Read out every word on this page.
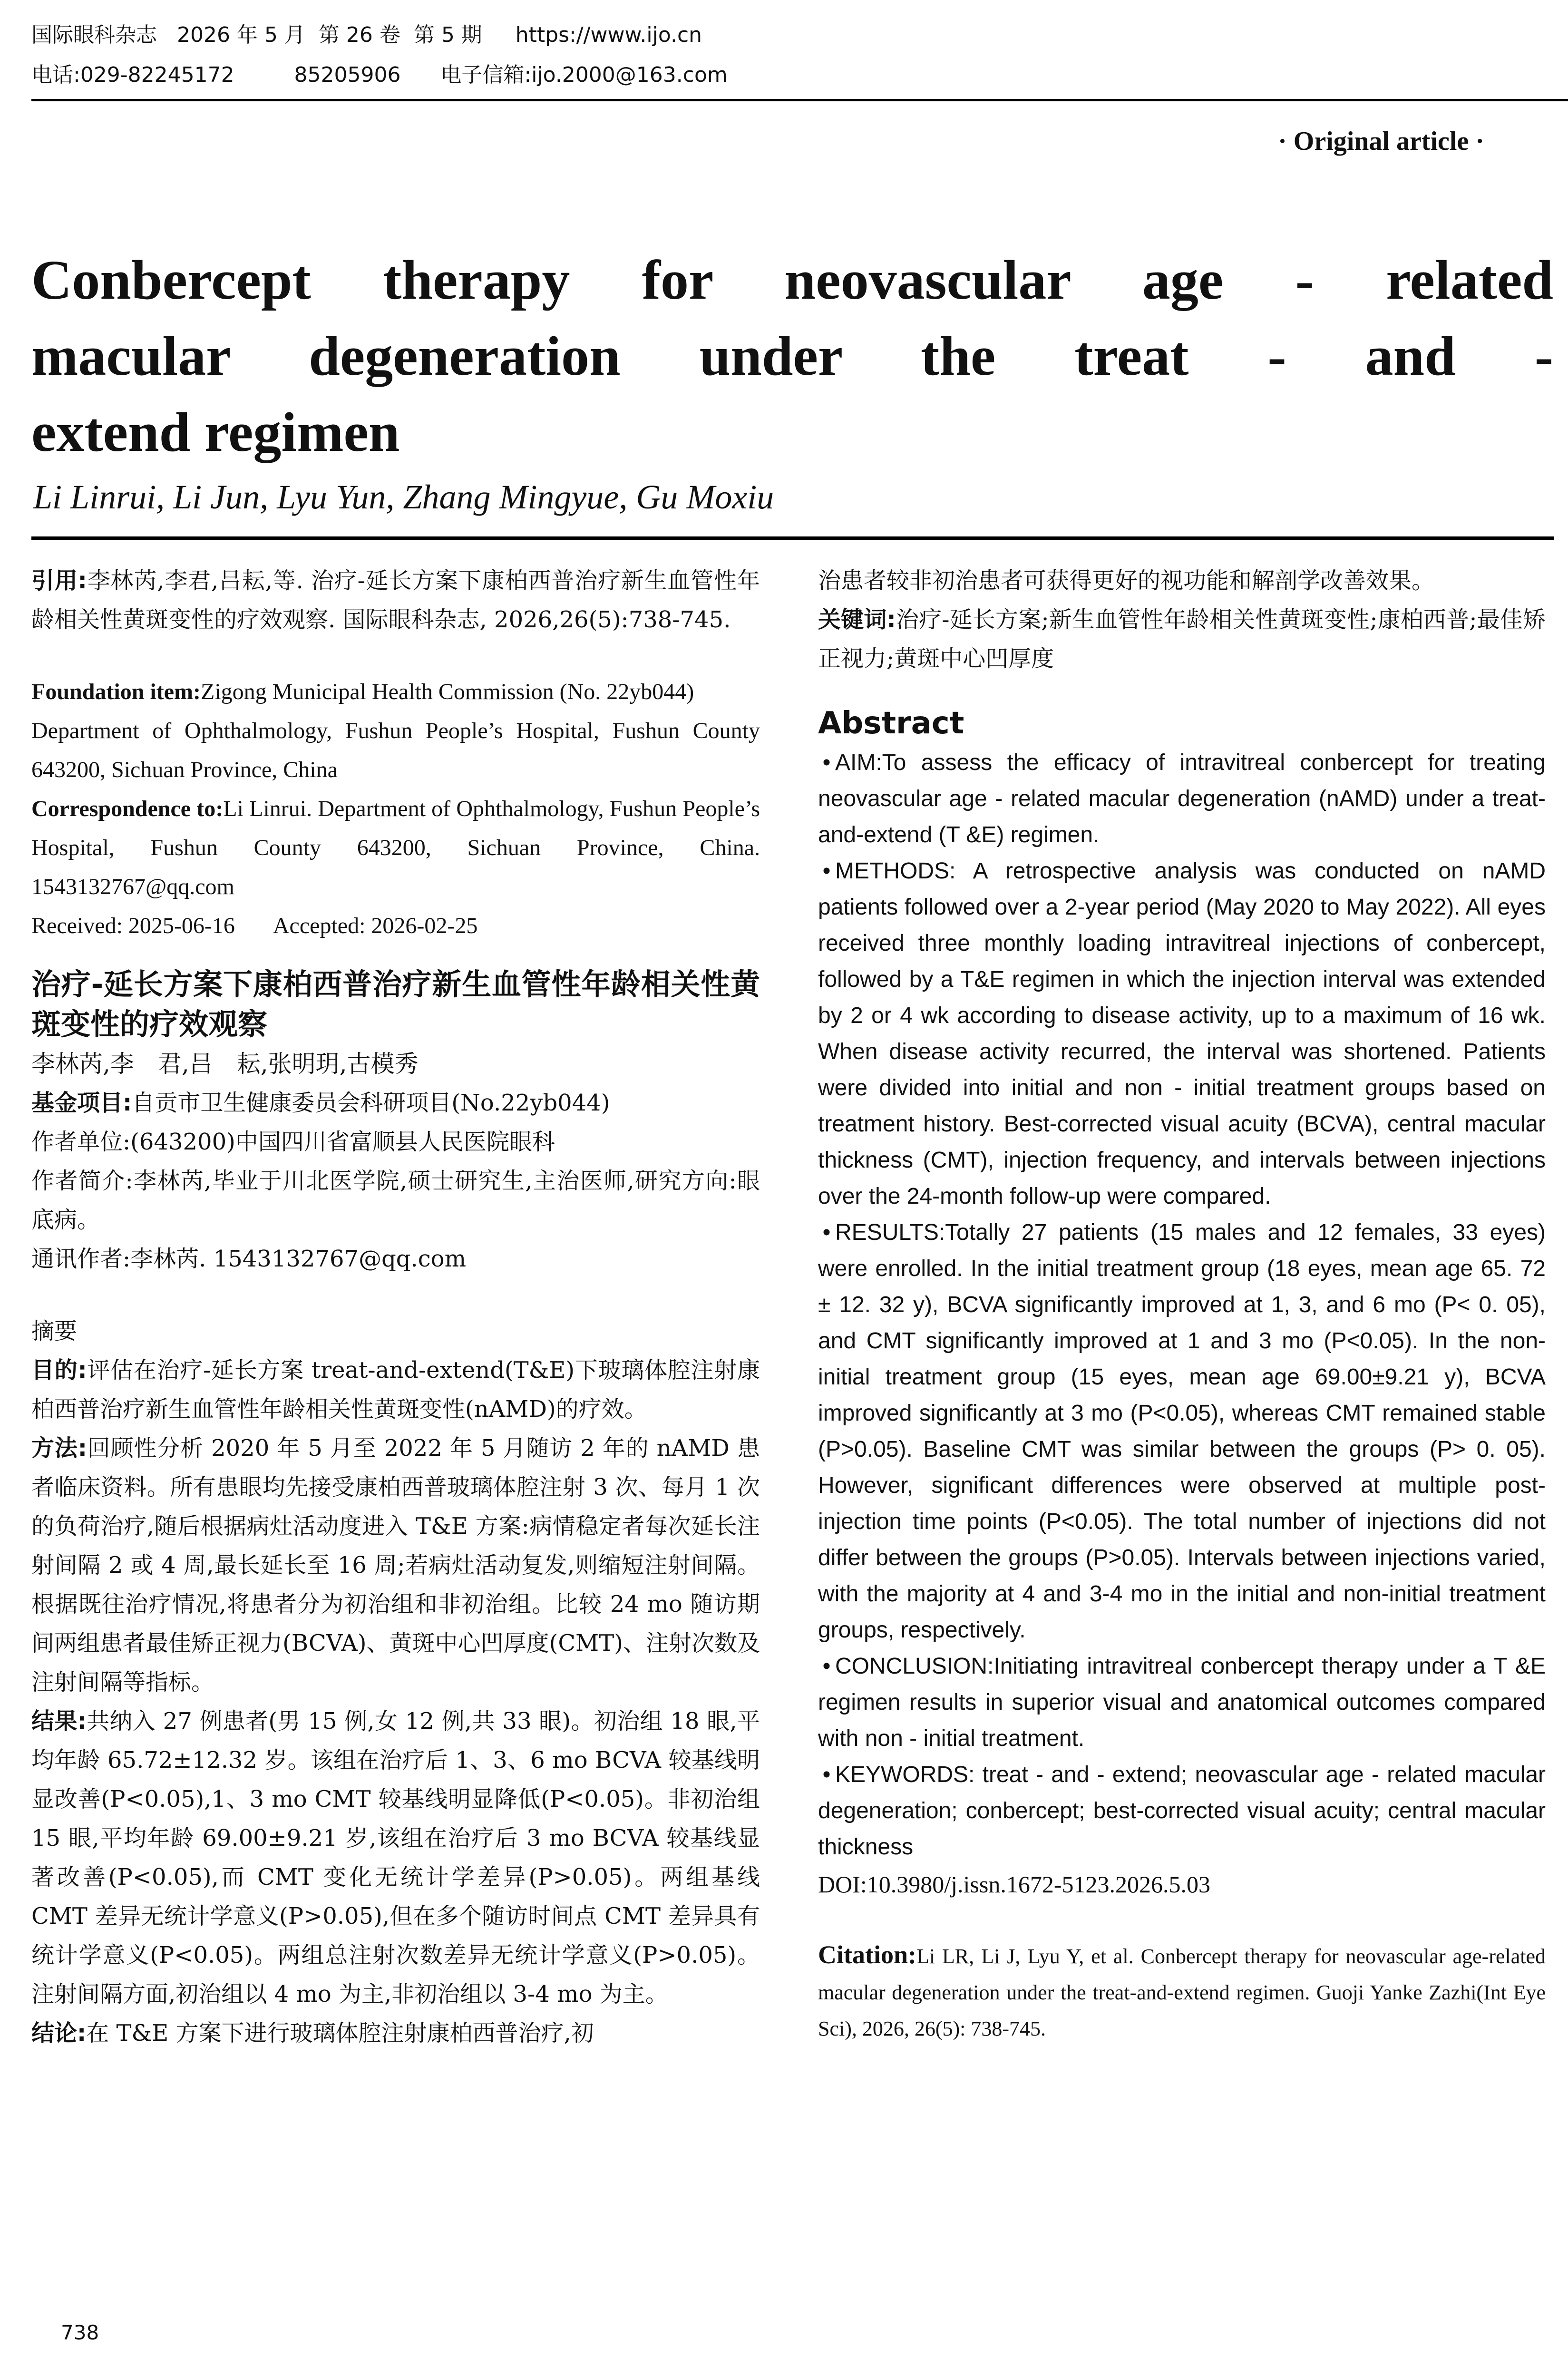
国际眼科杂志 2026 年 5 月 第 26 卷 第 5 期 https://www.ijo.cn
电话:029-82245172	85205906 电子信箱:ijo.2000@163.com
· Original article ·
Conbercept therapy for neovascular age - related
macular degeneration under the treat - and -
extend regimen
Li Linrui, Li Jun, Lyu Yun, Zhang Mingyue, Gu Moxiu

引用:李林芮,李君,吕耘,等. 治疗-延长方案下康柏西普治疗新生血管性年龄相关性黄斑变性的疗效观察. 国际眼科杂志, 2026,26(5):738-745.

Foundation item:Zigong Municipal Health Commission (No. 22yb044)

Department of Ophthalmology, Fushun People’s Hospital, Fushun County 643200, Sichuan Province, China

Correspondence to:Li Linrui. Department of Ophthalmology, Fushun People’s Hospital, Fushun County 643200, Sichuan Province, China. 1543132767@qq.com

Received: 2025-06-16 Accepted: 2026-02-25

治疗-延长方案下康柏西普治疗新生血管性年龄相关性黄斑变性的疗效观察
李林芮,李　君,吕　耘,张明玥,古模秀

基金项目:自贡市卫生健康委员会科研项目(No.22yb044)

作者单位:(643200)中国四川省富顺县人民医院眼科

作者简介:李林芮,毕业于川北医学院,硕士研究生,主治医师,研究方向:眼底病。

通讯作者:李林芮. 1543132767@qq.com

摘要

目的:评估在治疗-延长方案 treat-and-extend(T&E)下玻璃体腔注射康柏西普治疗新生血管性年龄相关性黄斑变性(nAMD)的疗效。

方法:回顾性分析 2020 年 5 月至 2022 年 5 月随访 2 年的 nAMD 患者临床资料。所有患眼均先接受康柏西普玻璃体腔注射 3 次、每月 1 次的负荷治疗,随后根据病灶活动度进入 T&E 方案:病情稳定者每次延长注射间隔 2 或 4 周,最长延长至 16 周;若病灶活动复发,则缩短注射间隔。根据既往治疗情况,将患者分为初治组和非初治组。比较 24 mo 随访期间两组患者最佳矫正视力(BCVA)、黄斑中心凹厚度(CMT)、注射次数及注射间隔等指标。

结果:共纳入 27 例患者(男 15 例,女 12 例,共 33 眼)。初治组 18 眼,平均年龄 65.72±12.32 岁。该组在治疗后 1、3、6 mo BCVA 较基线明显改善(P<0.05),1、3 mo CMT 较基线明显降低(P<0.05)。非初治组 15 眼,平均年龄 69.00±9.21 岁,该组在治疗后 3 mo BCVA 较基线显著改善(P<0.05),而 CMT 变化无统计学差异(P>0.05)。两组基线 CMT 差异无统计学意义(P>0.05),但在多个随访时间点 CMT 差异具有统计学意义(P<0.05)。两组总注射次数差异无统计学意义(P>0.05)。注射间隔方面,初治组以 4 mo 为主,非初治组以 3-4 mo 为主。

结论:在 T&E 方案下进行玻璃体腔注射康柏西普治疗,初

治患者较非初治患者可获得更好的视功能和解剖学改善效果。

关键词:治疗-延长方案;新生血管性年龄相关性黄斑变性;康柏西普;最佳矫正视力;黄斑中心凹厚度

Abstract

• AIM:To assess the efficacy of intravitreal conbercept for treating neovascular age - related macular degeneration (nAMD) under a treat-and-extend (T &E) regimen.

• METHODS: A retrospective analysis was conducted on nAMD patients followed over a 2-year period (May 2020 to May 2022). All eyes received three monthly loading intravitreal injections of conbercept, followed by a T&E regimen in which the injection interval was extended by 2 or 4 wk according to disease activity, up to a maximum of 16 wk. When disease activity recurred, the interval was shortened. Patients were divided into initial and non - initial treatment groups based on treatment history. Best-corrected visual acuity (BCVA), central macular thickness (CMT), injection frequency, and intervals between injections over the 24-month follow-up were compared.

• RESULTS:Totally 27 patients (15 males and 12 females, 33 eyes) were enrolled. In the initial treatment group (18 eyes, mean age 65. 72 ± 12. 32 y), BCVA significantly improved at 1, 3, and 6 mo (P< 0. 05), and CMT significantly improved at 1 and 3 mo (P<0.05). In the non-initial treatment group (15 eyes, mean age 69.00±9.21 y), BCVA improved significantly at 3 mo (P<0.05), whereas CMT remained stable (P>0.05). Baseline CMT was similar between the groups (P> 0. 05). However, significant differences were observed at multiple post-injection time points (P<0.05). The total number of injections did not differ between the groups (P>0.05). Intervals between injections varied, with the majority at 4 and 3-4 mo in the initial and non-initial treatment groups, respectively.

• CONCLUSION:Initiating intravitreal conbercept therapy under a T &E regimen results in superior visual and anatomical outcomes compared with non - initial treatment.

• KEYWORDS: treat - and - extend; neovascular age - related macular degeneration; conbercept; best-corrected visual acuity; central macular thickness

DOI:10.3980/j.issn.1672-5123.2026.5.03

Citation:Li LR, Li J, Lyu Y, et al. Conbercept therapy for neovascular age-related macular degeneration under the treat-and-extend regimen. Guoji Yanke Zazhi(Int Eye Sci), 2026, 26(5): 738-745.

738
